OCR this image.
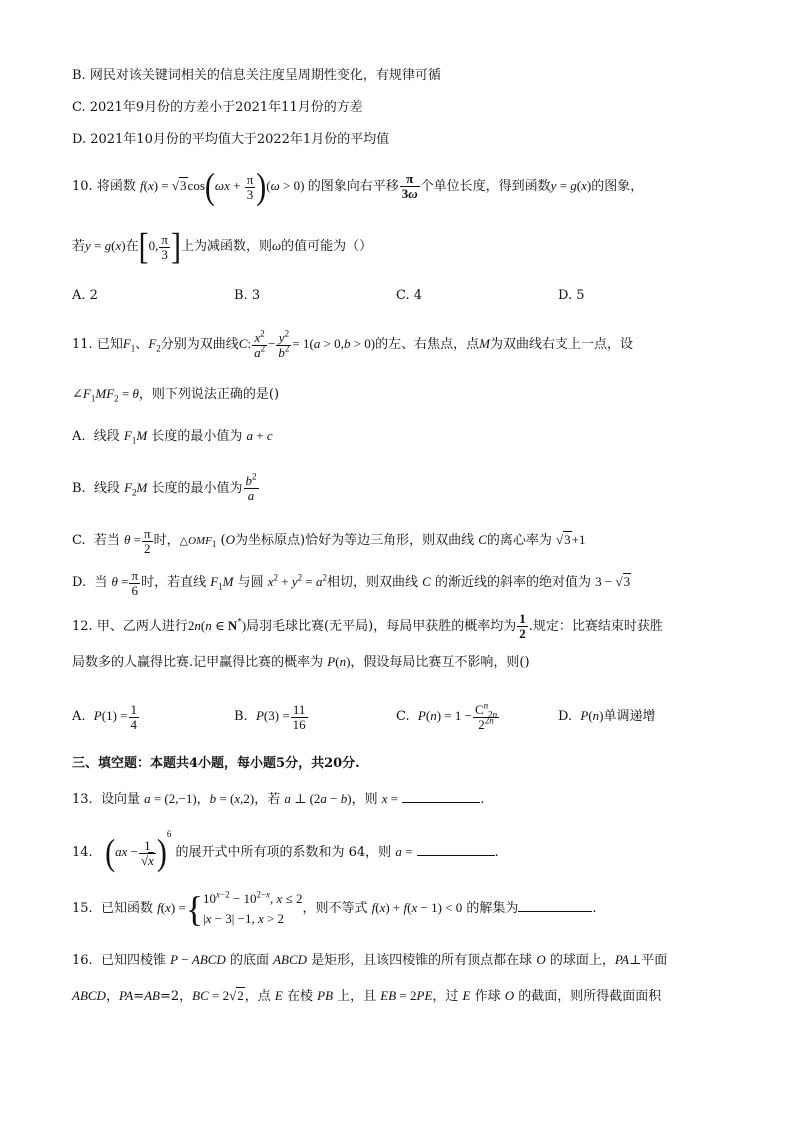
B. 网民对该关键词相关的信息关注度呈周期性变化，有规律可循
C. 2021年9月份的方差小于2021年11月份的方差
D. 2021年10月份的平均值大于2022年1月份的平均值
10. 将函数 $f(x) = √3\cos(\omega x + \frac{\pi}{3} )(\omega > 0)$ 的图象向右平移 $\frac{\pi}{3\omega}$ 个单位长度，得到函数y = g(x)的图象，
若y = g(x)在[0, $\frac{\pi}{3}$ ]上为减函数，则ω的值可能为（）
A. 2	B. 3	C. 4	D. 5
11. 已知$F_1$、$F_2$分别为双曲线C: $\frac{x^2}{a^2} - \frac{y^2}{b^2} = 1(a > 0,b > 0)$的左、右焦点，点M为双曲线右支上一点，设
$\angle F_1MF_2 = \theta$，则下列说法正确的是()
A.  线段 $F_1M$ 长度的最小值为 a + c
B.  线段 $F_2M$ 长度的最小值为 $\frac{b^2}{a}$
C.  若当 $\theta = \frac{\pi}{2}$ 时，$\triangle OMF_1$ (O为坐标原点)恰好为等边三角形，则双曲线 C的离心率为 √3+1
D.  当 $\theta = \frac{\pi}{6}$ 时，若直线 $F_1M$ 与圆 $x^2 + y^2 = a^2$相切，则双曲线 C 的渐近线的斜率的绝对值为 3 − √3
12. 甲、乙两人进行2n(n ∈ N*)局羽毛球比赛(无平局)，每局甲获胜的概率均为 $\frac{1}{2}$ .规定：比赛结束时获胜
局数多的人赢得比赛.记甲赢得比赛的概率为 P(n)，假设每局比赛互不影响，则()
A.  $P(1) = \frac{1}{4}$	B.  $P(3) = \frac{11}{16}$	C.  $P(n) = 1 - \frac{C^n_{2n}}{2^{2n}}$	D.  P(n)单调递增
三、填空题：本题共4小题，每小题5分，共20分.
13.  设向量 a = (2,−1)，b = (x,2)，若 a ⊥ (2a − b)，则 x =	.
14.   $(ax - \frac{1}{√x} )^6$ 的展开式中所有项的系数和为 64，则 a =	.
15.  已知函数 f(x) ={ $10^{x-2} - 10^{2-x}$, x ≤ 2
|x − 3| −1, x > 2
，则不等式 f(x) + f(x − 1) < 0 的解集为	.
16.  已知四棱锥 P − ABCD 的底面 ABCD 是矩形，且该四棱锥的所有顶点都在球 O 的球面上，PA⊥平面
ABCD，PA=AB=2，BC = 2√2，点 E 在棱 PB 上，且 EB = 2PE，过 E 作球 O 的截面，则所得截面面积
